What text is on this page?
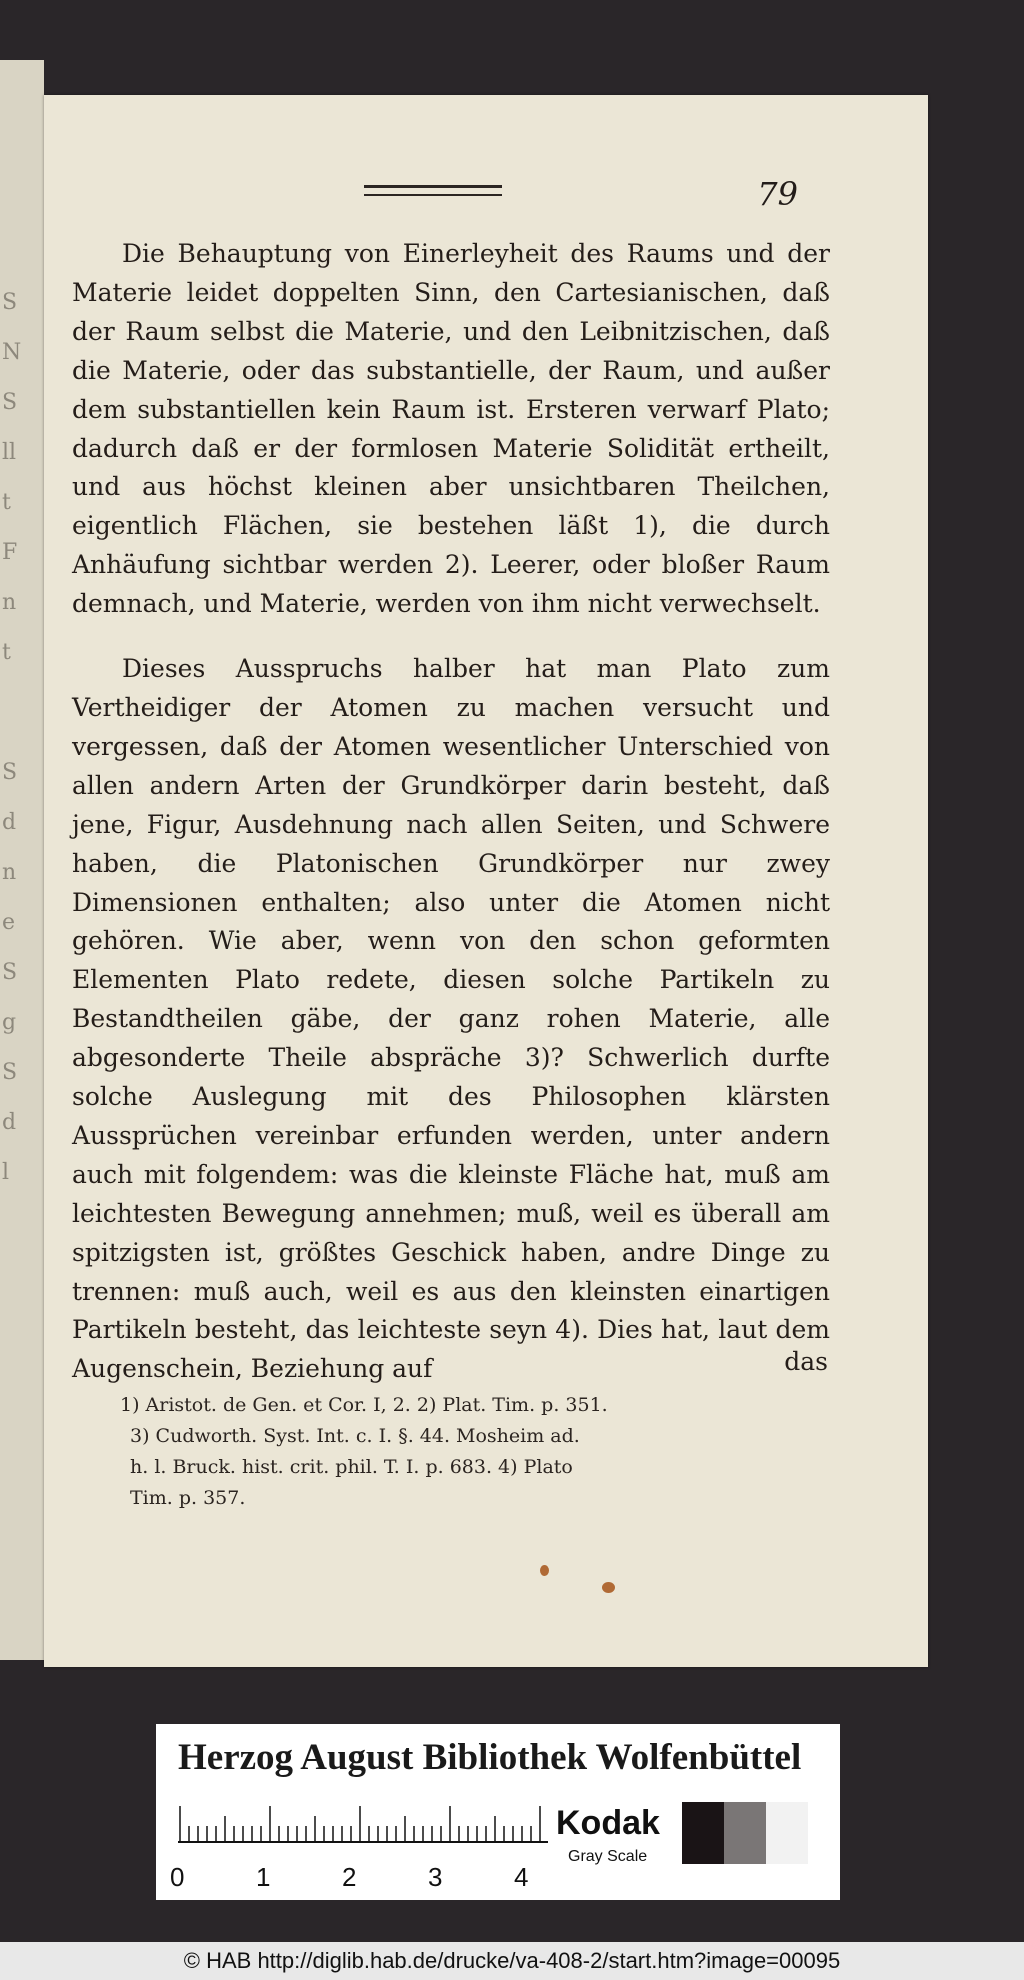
S
N
S
ll
t
F
n
t
S
d
n
e
S
g
S
d
l
79

Die Behauptung von Einerleyheit des Raums und der Materie leidet doppelten Sinn, den Cartesianischen, daß der Raum selbst die Materie, und den Leibnitzischen, daß die Materie, oder das substantielle, der Raum, und außer dem substantiellen kein Raum ist. Ersteren verwarf Plato; dadurch daß er der formlosen Materie Solidität ertheilt, und aus höchst kleinen aber unsichtbaren Theilchen, eigentlich Flächen, sie bestehen läßt 1), die durch Anhäufung sichtbar werden 2). Leerer, oder bloßer Raum demnach, und Materie, werden von ihm nicht verwechselt.

Dieses Ausspruchs halber hat man Plato zum Vertheidiger der Atomen zu machen versucht und vergessen, daß der Atomen wesentlicher Unterschied von allen andern Arten der Grundkörper darin besteht, daß jene, Figur, Ausdehnung nach allen Seiten, und Schwere haben, die Platonischen Grundkörper nur zwey Dimensionen enthalten; also unter die Atomen nicht gehören. Wie aber, wenn von den schon geformten Elementen Plato redete, diesen solche Partikeln zu Bestandtheilen gäbe, der ganz rohen Materie, alle abgesonderte Theile abspräche 3)? Schwerlich durfte solche Auslegung mit des Philosophen klärsten Aussprüchen vereinbar erfunden werden, unter andern auch mit folgendem: was die kleinste Fläche hat, muß am leichtesten Bewegung annehmen; muß, weil es überall am spitzigsten ist, größtes Geschick haben, andre Dinge zu trennen: muß auch, weil es aus den kleinsten einartigen Partikeln besteht, das leichteste seyn 4). Dies hat, laut dem Augenschein, Beziehung auf	das
1) Aristot. de Gen. et Cor. I, 2. 2) Plat. Tim. p. 351.
3) Cudworth. Syst. Int. c. I. §. 44. Mosheim ad.
h. l. Bruck. hist. crit. phil. T. I. p. 683. 4) Plato
Tim. p. 357.
Herzog August Bibliothek Wolfenbüttel
0	1	2	3	4
Kodak
Gray Scale
© HAB http://diglib.hab.de/drucke/va-408-2/start.htm?image=00095
